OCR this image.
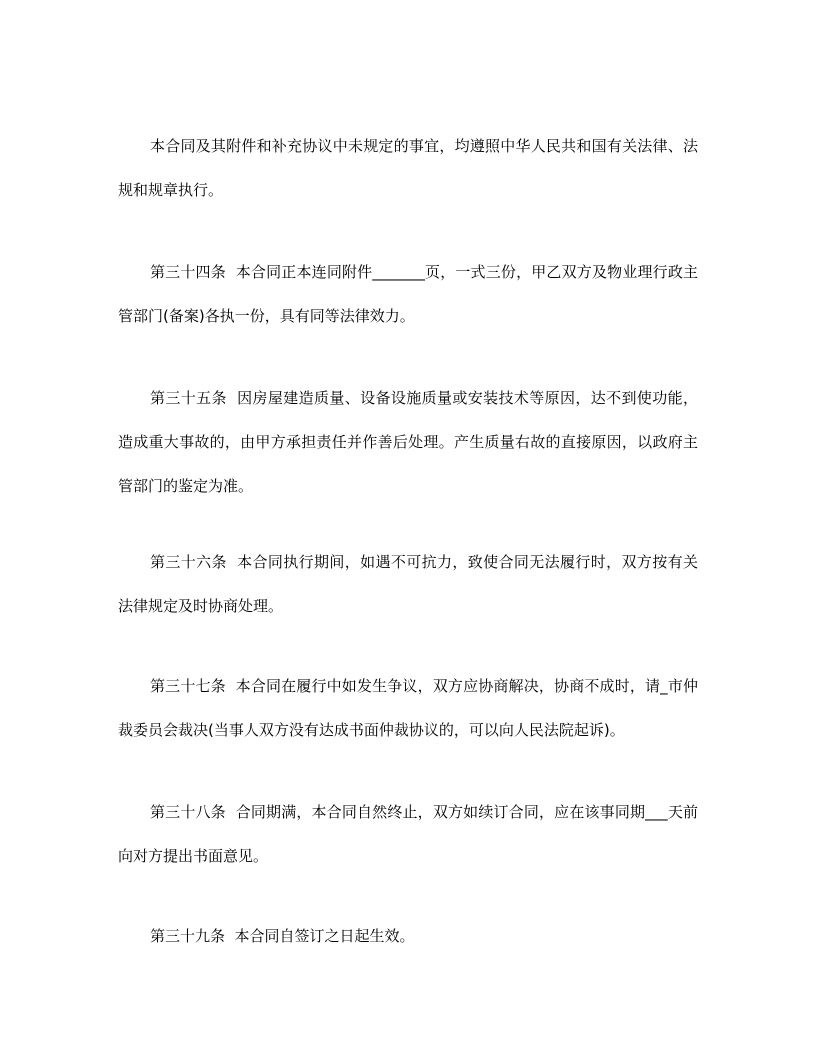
本合同及其附件和补充协议中未规定的事宜，均遵照中华人民共和国有关法律、法规和规章执行。

第三十四条  本合同正本连同附件_______页，一式三份，甲乙双方及物业理行政主管部门(备案)各执一份，具有同等法律效力。

第三十五条  因房屋建造质量、设备设施质量或安装技术等原因，达不到使功能，造成重大事故的，由甲方承担责任并作善后处理。产生质量右故的直接原因，以政府主管部门的鉴定为准。

第三十六条  本合同执行期间，如遇不可抗力，致使合同无法履行时，双方按有关法律规定及时协商处理。

第三十七条  本合同在履行中如发生争议，双方应协商解决，协商不成时，请_市仲裁委员会裁决(当事人双方没有达成书面仲裁协议的，可以向人民法院起诉)。

第三十八条  合同期满，本合同自然终止，双方如续订合同，应在该事同期___天前向对方提出书面意见。

第三十九条  本合同自签订之日起生效。
